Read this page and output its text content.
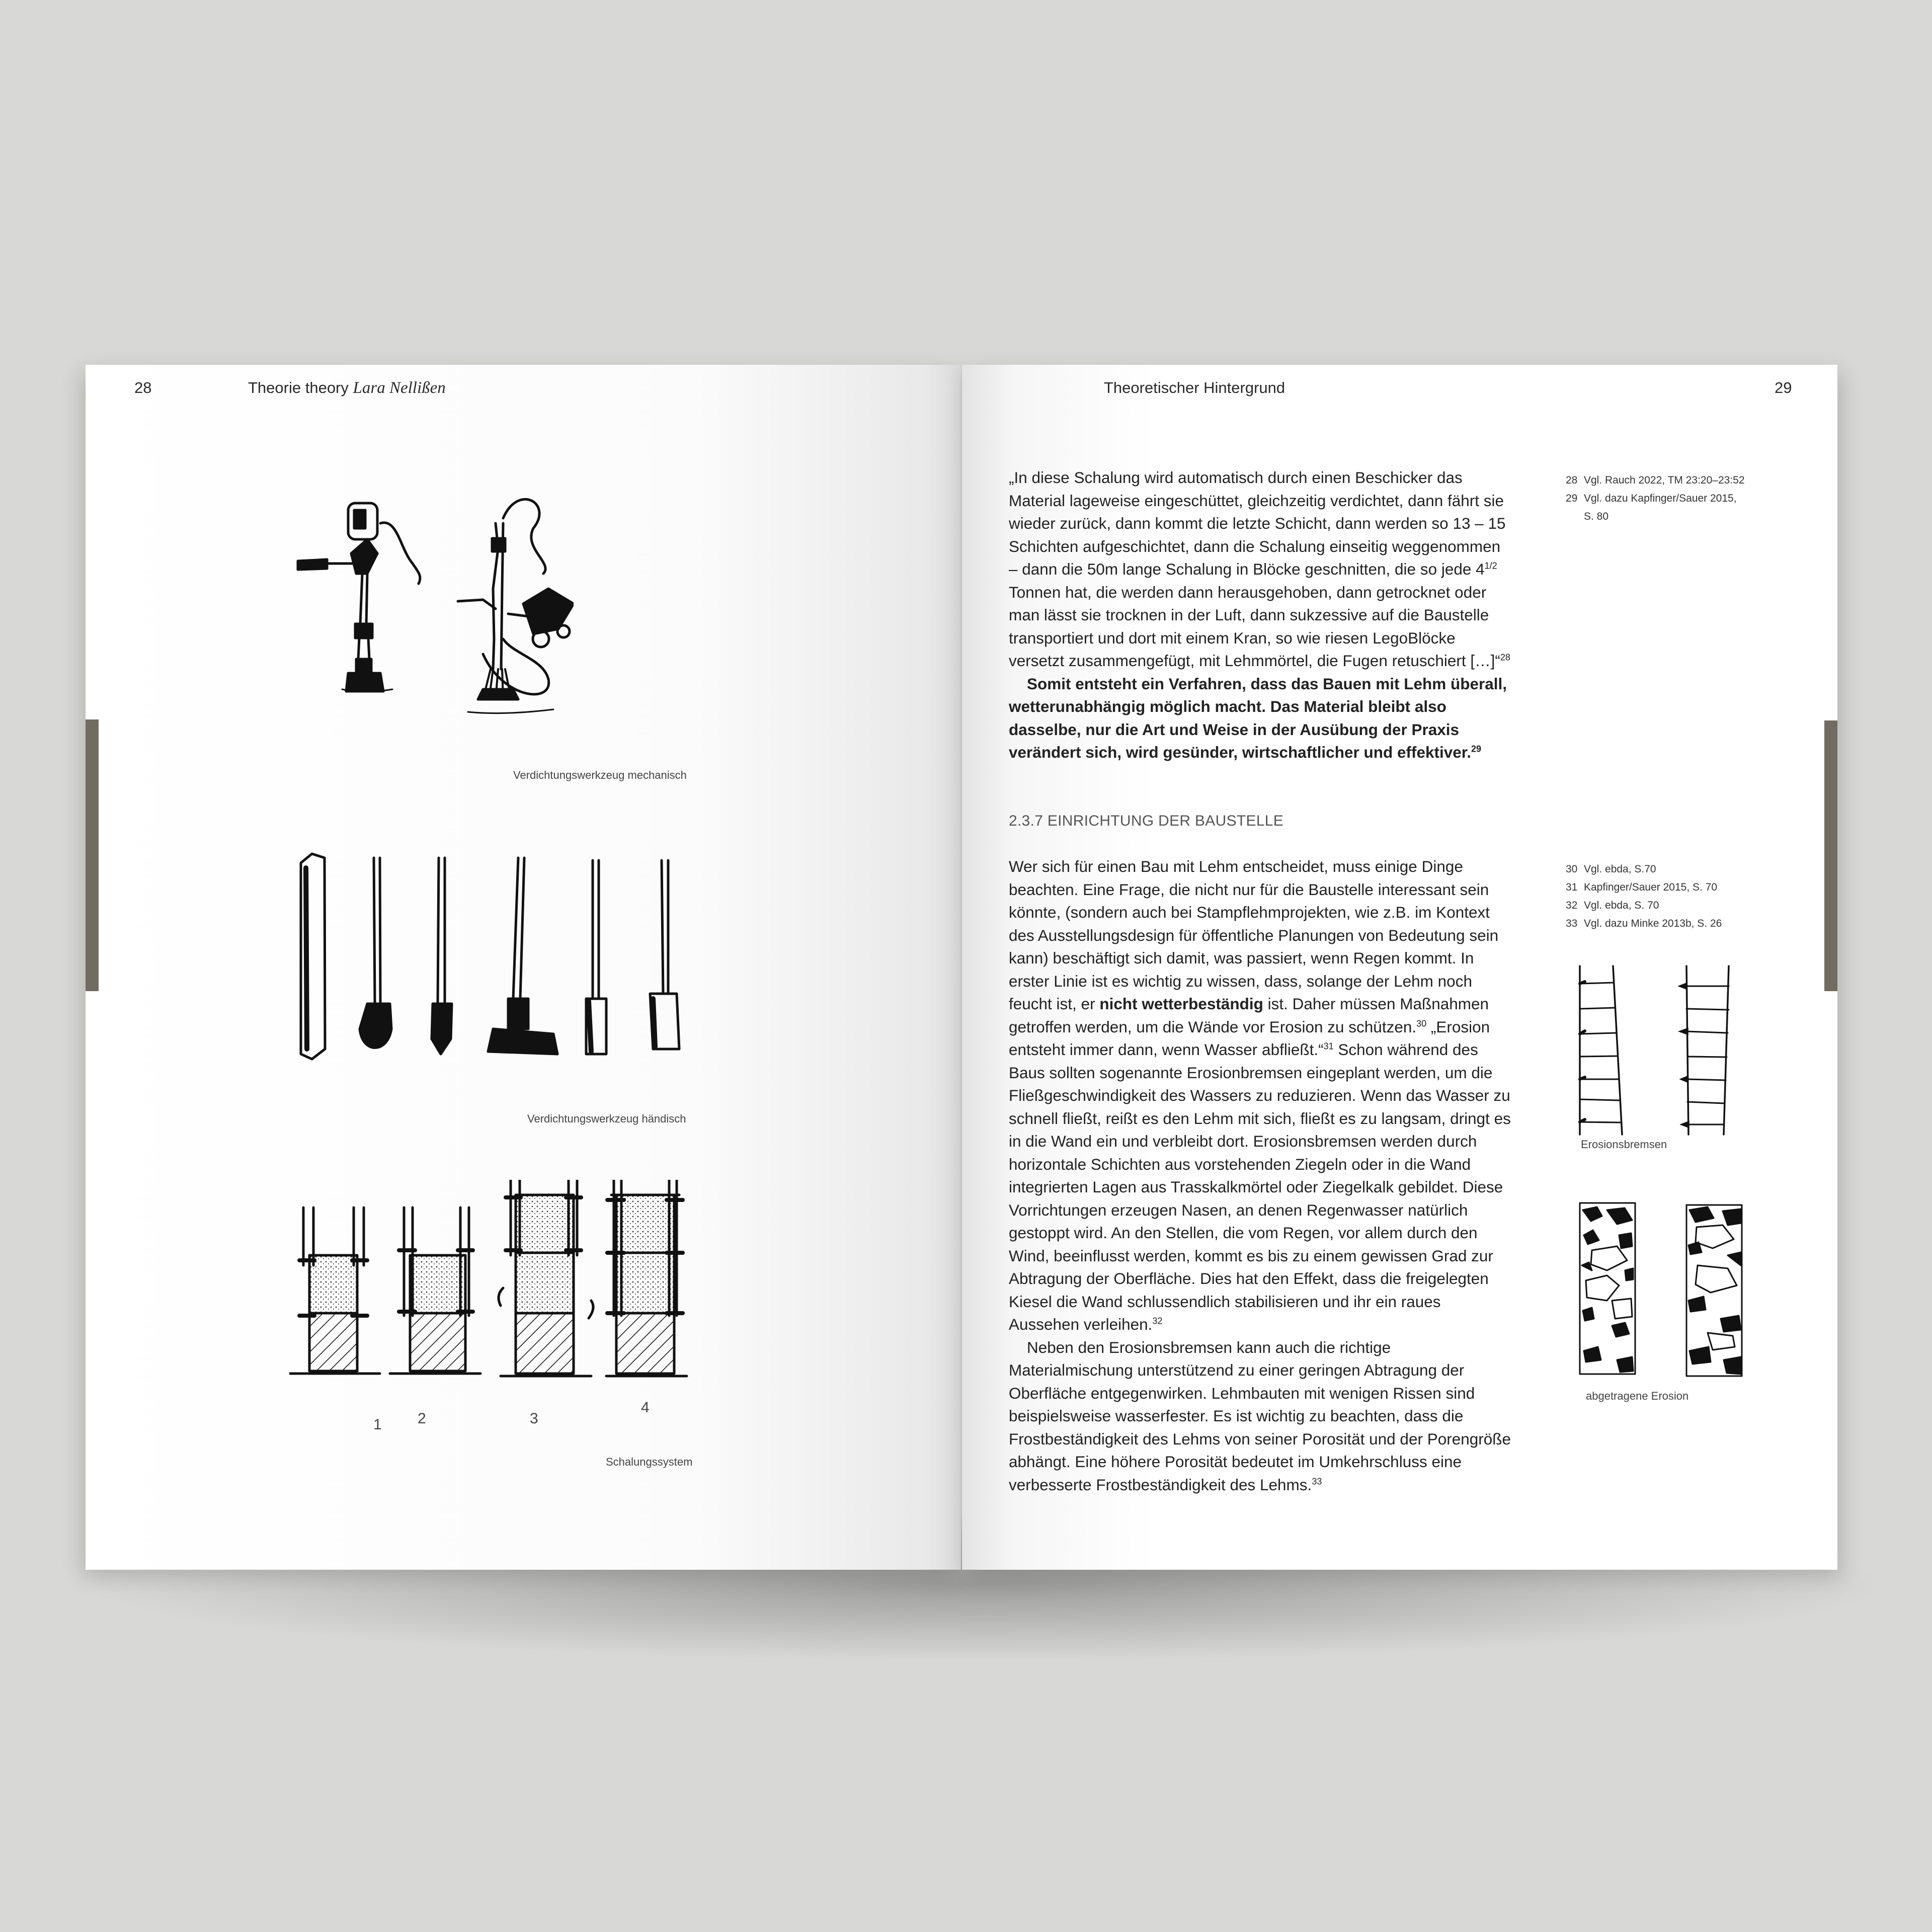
28	Theorie theory Lara Nellißen
Verdichtungswerkzeug mechanisch
Verdichtungswerkzeug händisch
1 2	3
4
Schalungssystem
Theoretischer Hintergrund	29

„In diese Schalung wird automatisch durch einen Beschicker das Material lageweise eingeschüttet, gleichzeitig verdichtet, dann fährt sie wieder zurück, dann kommt die letzte Schicht, dann werden so 13 – 15 Schichten aufgeschichtet, dann die Schalung einseitig weggenommen – dann die 50m lange Schalung in Blöcke geschnitten, die so jede $4^{1/2}$ Tonnen hat, die werden dann herausgehoben, dann getrocknet oder man lässt sie trocknen in der Luft, dann sukzessive auf die Baustelle transportiert und dort mit einem Kran, so wie riesen LegoBlöcke versetzt zusammengefügt, mit Lehmmörtel, die Fugen retuschiert […]“$^{28}$

Somit entsteht ein Verfahren, dass das Bauen mit Lehm überall, wetterunabhängig möglich macht. Das Material bleibt also dasselbe, nur die Art und Weise in der Ausübung der Praxis verändert sich, wird gesünder, wirtschaftlicher und effektiver.$^{29}$

28 Vgl. Rauch 2022, TM 23:20–23:52
29 Vgl. dazu Kapfinger/Sauer 2015,
S. 80
2.3.7 EINRICHTUNG DER BAUSTELLE

Wer sich für einen Bau mit Lehm entscheidet, muss einige Dinge beachten. Eine Frage, die nicht nur für die Baustelle interessant sein könnte, (sondern auch bei Stampflehmprojekten, wie z.B. im Kontext des Ausstellungsdesign für öffentliche Planungen von Bedeutung sein kann) beschäftigt sich damit, was passiert, wenn Regen kommt. In erster Linie ist es wichtig zu wissen, dass, solange der Lehm noch feucht ist, er nicht wetterbeständig ist. Daher müssen Maßnahmen getroffen werden, um die Wände vor Erosion zu schützen.$^{30}$ „Erosion entsteht immer dann, wenn Wasser abfließt.“$^{31}$ Schon während des Baus sollten sogenannte Erosionbremsen eingeplant werden, um die Fließgeschwindigkeit des Wassers zu reduzieren. Wenn das Wasser zu schnell fließt, reißt es den Lehm mit sich, fließt es zu langsam, dringt es in die Wand ein und verbleibt dort. Erosionsbremsen werden durch horizontale Schichten aus vorstehenden Ziegeln oder in die Wand integrierten Lagen aus Trasskalkmörtel oder Ziegelkalk gebildet. Diese Vorrichtungen erzeugen Nasen, an denen Regenwasser natürlich gestoppt wird. An den Stellen, die vom Regen, vor allem durch den Wind, beeinflusst werden, kommt es bis zu einem gewissen Grad zur Abtragung der Oberfläche. Dies hat den Effekt, dass die freigelegten Kiesel die Wand schlussendlich stabilisieren und ihr ein raues Aussehen verleihen.$^{32}$

Neben den Erosionsbremsen kann auch die richtige Materialmischung unterstützend zu einer geringen Abtragung der Oberfläche entgegenwirken. Lehmbauten mit wenigen Rissen sind beispielsweise wasserfester. Es ist wichtig zu beachten, dass die Frostbeständigkeit des Lehms von seiner Porosität und der Porengröße abhängt. Eine höhere Porosität bedeutet im Umkehrschluss eine verbesserte Frostbeständigkeit des Lehms.$^{33}$

30 Vgl. ebda, S.70
31 Kapfinger/Sauer 2015, S. 70
32 Vgl. ebda, S. 70
33 Vgl. dazu Minke 2013b, S. 26
Erosionsbremsen
abgetragene Erosion
